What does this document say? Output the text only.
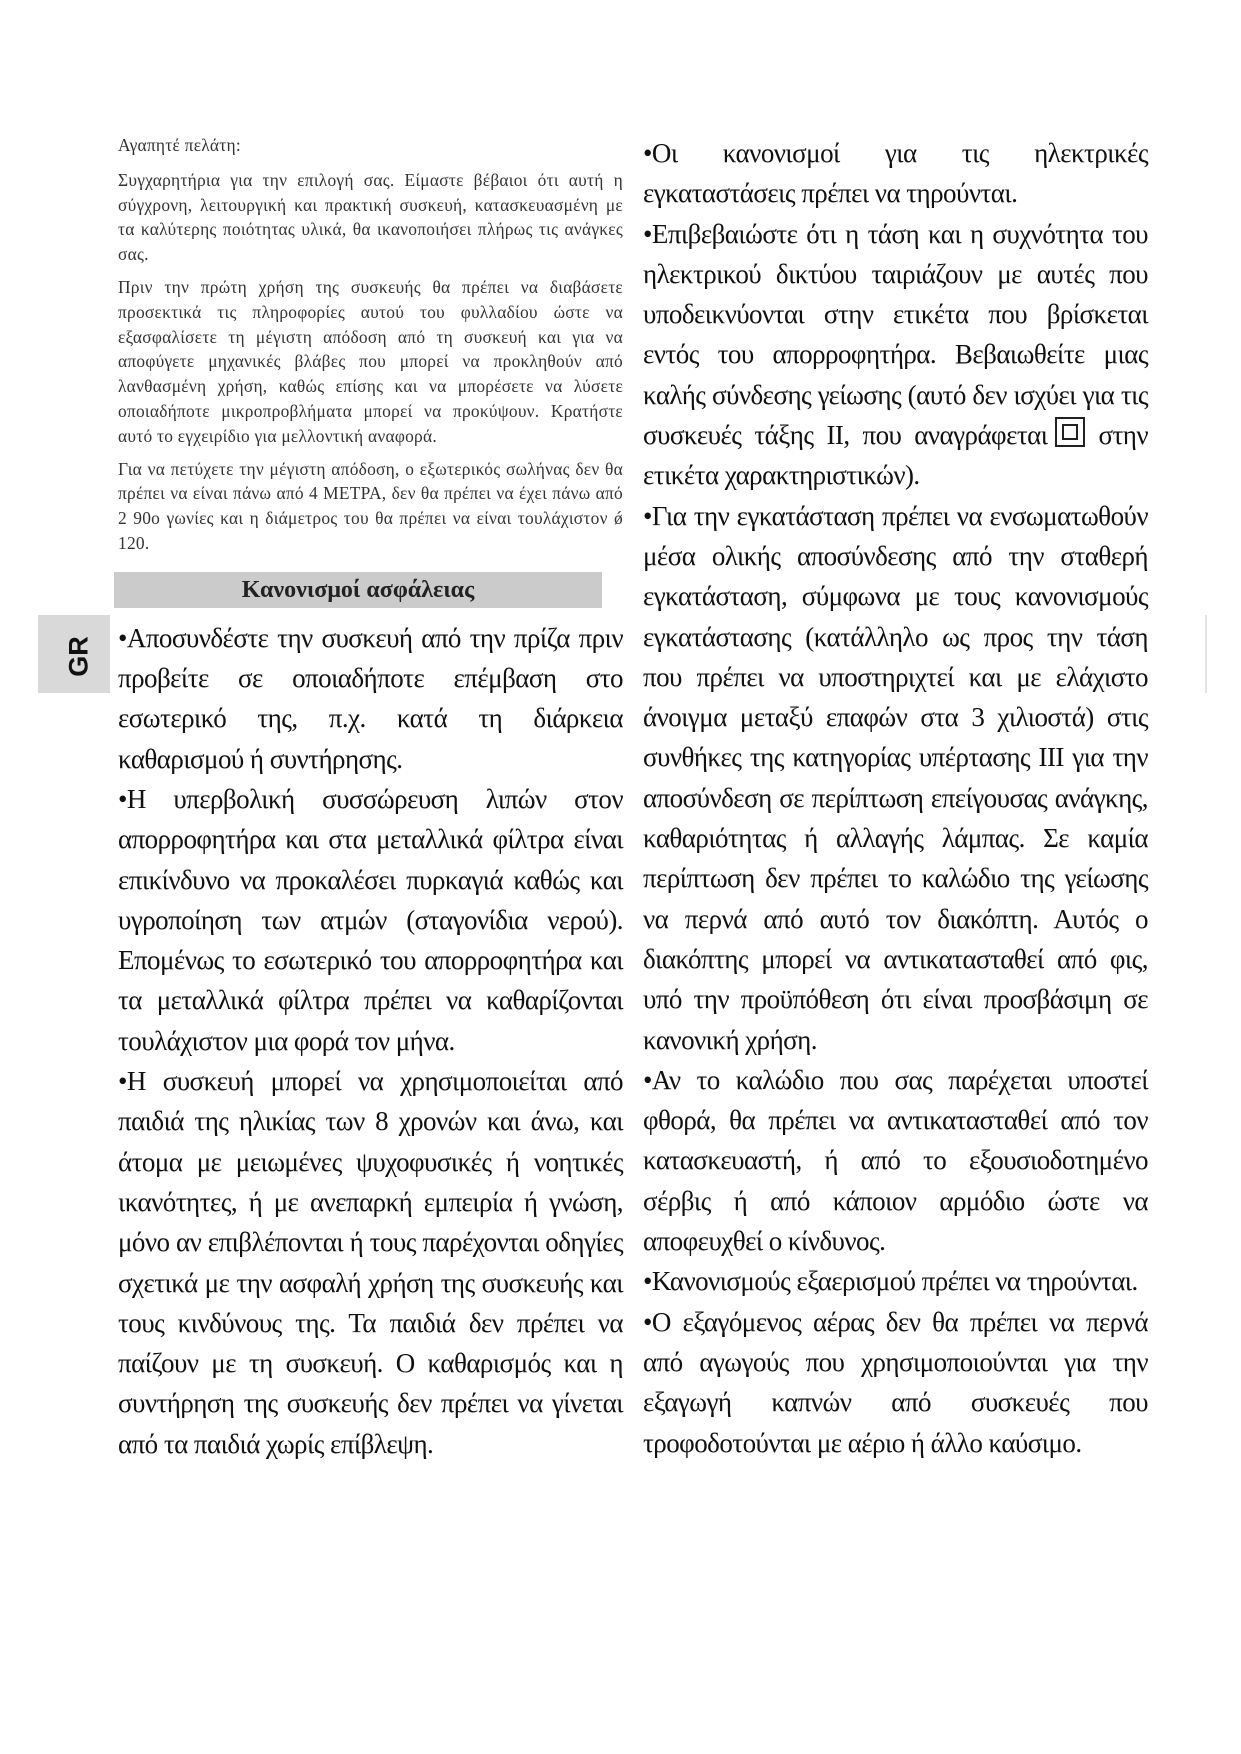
GR

Αγαπητέ πελάτη:

Συγχαρητήρια για την επιλογή σας. Είμαστε βέβαιοι ότι αυτή η σύγχρονη, λειτουργική και πρακτική συσκευή, κατασκευασμένη με τα καλύτερης ποιότητας υλικά, θα ικανοποιήσει πλήρως τις ανάγκες σας.

Πριν την πρώτη χρήση της συσκευής θα πρέπει να διαβάσετε προσεκτικά τις πληροφορίες αυτού του φυλλαδίου ώστε να εξασφαλίσετε τη μέγιστη απόδοση από τη συσκευή και για να αποφύγετε μηχανικές βλάβες που μπορεί να προκληθούν από λανθασμένη χρήση, καθώς επίσης και να μπορέσετε να λύσετε οποιαδήποτε μικροπροβλήματα μπορεί να προκύψουν. Κρατήστε αυτό το εγχειρίδιο για μελλοντική αναφορά.

Για να πετύχετε την μέγιστη απόδοση, ο εξωτερικός σωλήνας δεν θα πρέπει να είναι πάνω από 4 ΜΕΤΡΑ, δεν θα πρέπει να έχει πάνω από 2 90ο γωνίες και η διάμετρος του θα πρέπει να είναι τουλάχιστον ǿ 120.

Κανονισμοί ασφάλειας

•Αποσυνδέστε την συσκευή από την πρίζα πριν προβείτε σε οποιαδήποτε επέμβαση στο εσωτερικό της, π.χ. κατά τη διάρκεια καθαρισμού ή συντήρησης.

•Η υπερβολική συσσώρευση λιπών στον απορροφητήρα και στα μεταλλικά φίλτρα είναι επικίνδυνο να προκαλέσει πυρκαγιά καθώς και υγροποίηση των ατμών (σταγονίδια νερού). Επομένως το εσωτερικό του απορροφητήρα και τα μεταλλικά φίλτρα πρέπει να καθαρίζονται τουλάχιστον μια φορά τον μήνα.

•Η συσκευή μπορεί να χρησιμοποιείται από παιδιά της ηλικίας των 8 χρονών και άνω, και άτομα με μειωμένες ψυχοφυσικές ή νοητικές ικανότητες, ή με ανεπαρκή εμπειρία ή γνώση, μόνο αν επιβλέπονται ή τους παρέχονται οδηγίες σχετικά με την ασφαλή χρήση της συσκευής και τους κινδύνους της. Τα παιδιά δεν πρέπει να παίζουν με τη συσκευή. Ο καθαρισμός και η συντήρηση της συσκευής δεν πρέπει να γίνεται από τα παιδιά χωρίς επίβλεψη.

•Οι κανονισμοί για τις ηλεκτρικές εγκαταστάσεις πρέπει να τηρούνται.

•Επιβεβαιώστε ότι η τάση και η συχνότητα του ηλεκτρικού δικτύου ταιριάζουν με αυτές που υποδεικνύονται στην ετικέτα που βρίσκεται εντός του απορροφητήρα. Βεβαιωθείτε μιας καλής σύνδεσης γείωσης (αυτό δεν ισχύει για τις συσκευές τάξης II, που αναγράφεται στην ετικέτα χαρακτηριστικών).

•Για την εγκατάσταση πρέπει να ενσωματωθούν μέσα ολικής αποσύνδεσης από την σταθερή εγκατάσταση, σύμφωνα με τους κανονισμούς εγκατάστασης (κατάλληλο ως προς την τάση που πρέπει να υποστηριχτεί και με ελάχιστο άνοιγμα μεταξύ επαφών στα 3 χιλιοστά) στις συνθήκες της κατηγορίας υπέρτασης III για την αποσύνδεση σε περίπτωση επείγουσας ανάγκης, καθαριότητας ή αλλαγής λάμπας. Σε καμία περίπτωση δεν πρέπει το καλώδιο της γείωσης να περνά από αυτό τον διακόπτη. Αυτός ο διακόπτης μπορεί να αντικατασταθεί από φις, υπό την προϋπόθεση ότι είναι προσβάσιμη σε κανονική χρήση.

•Αν το καλώδιο που σας παρέχεται υποστεί φθορά, θα πρέπει να αντικατασταθεί από τον κατασκευαστή, ή από το εξουσιοδοτημένο σέρβις ή από κάποιον αρμόδιο ώστε να αποφευχθεί ο κίνδυνος.

•Κανονισμούς εξαερισμού πρέπει να τηρούνται.

•Ο εξαγόμενος αέρας δεν θα πρέπει να περνά από αγωγούς που χρησιμοποιούνται για την εξαγωγή καπνών από συσκευές που τροφοδοτούνται με αέριο ή άλλο καύσιμο.
